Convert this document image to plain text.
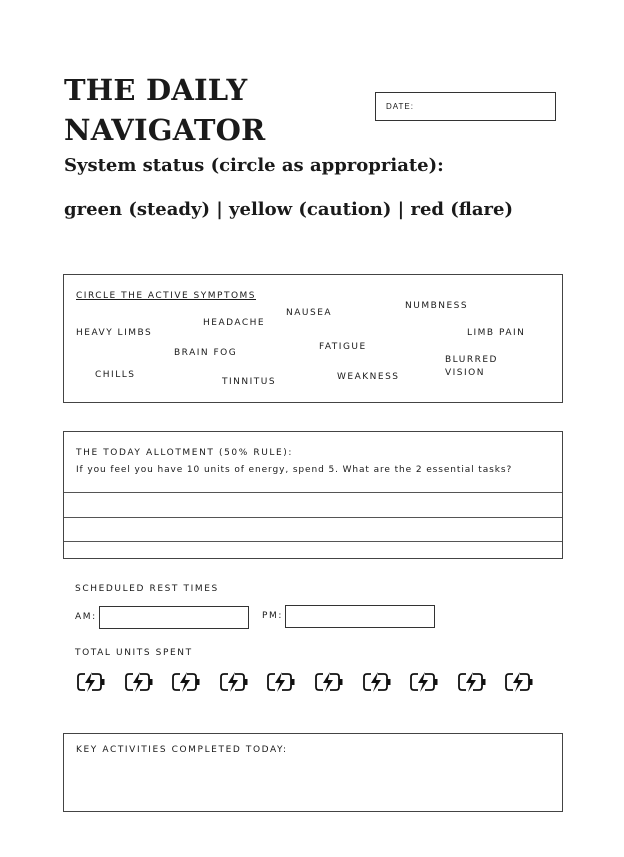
THE DAILY
NAVIGATOR
DATE:
System status (circle as appropriate):
green (steady) | yellow (caution) | red (flare)
CIRCLE THE ACTIVE SYMPTOMS
NAUSEA
NUMBNESS
HEADACHE
HEAVY LIMBS	LIMB PAIN
FATIGUE
BRAIN FOG
BLURRED
VISION
CHILLS	WEAKNESS
TINNITUS
THE TODAY ALLOTMENT (50% RULE):
If you feel you have 10 units of energy, spend 5. What are the 2 essential tasks?
SCHEDULED REST TIMES
AM:	PM:
TOTAL UNITS SPENT
KEY ACTIVITIES COMPLETED TODAY:
